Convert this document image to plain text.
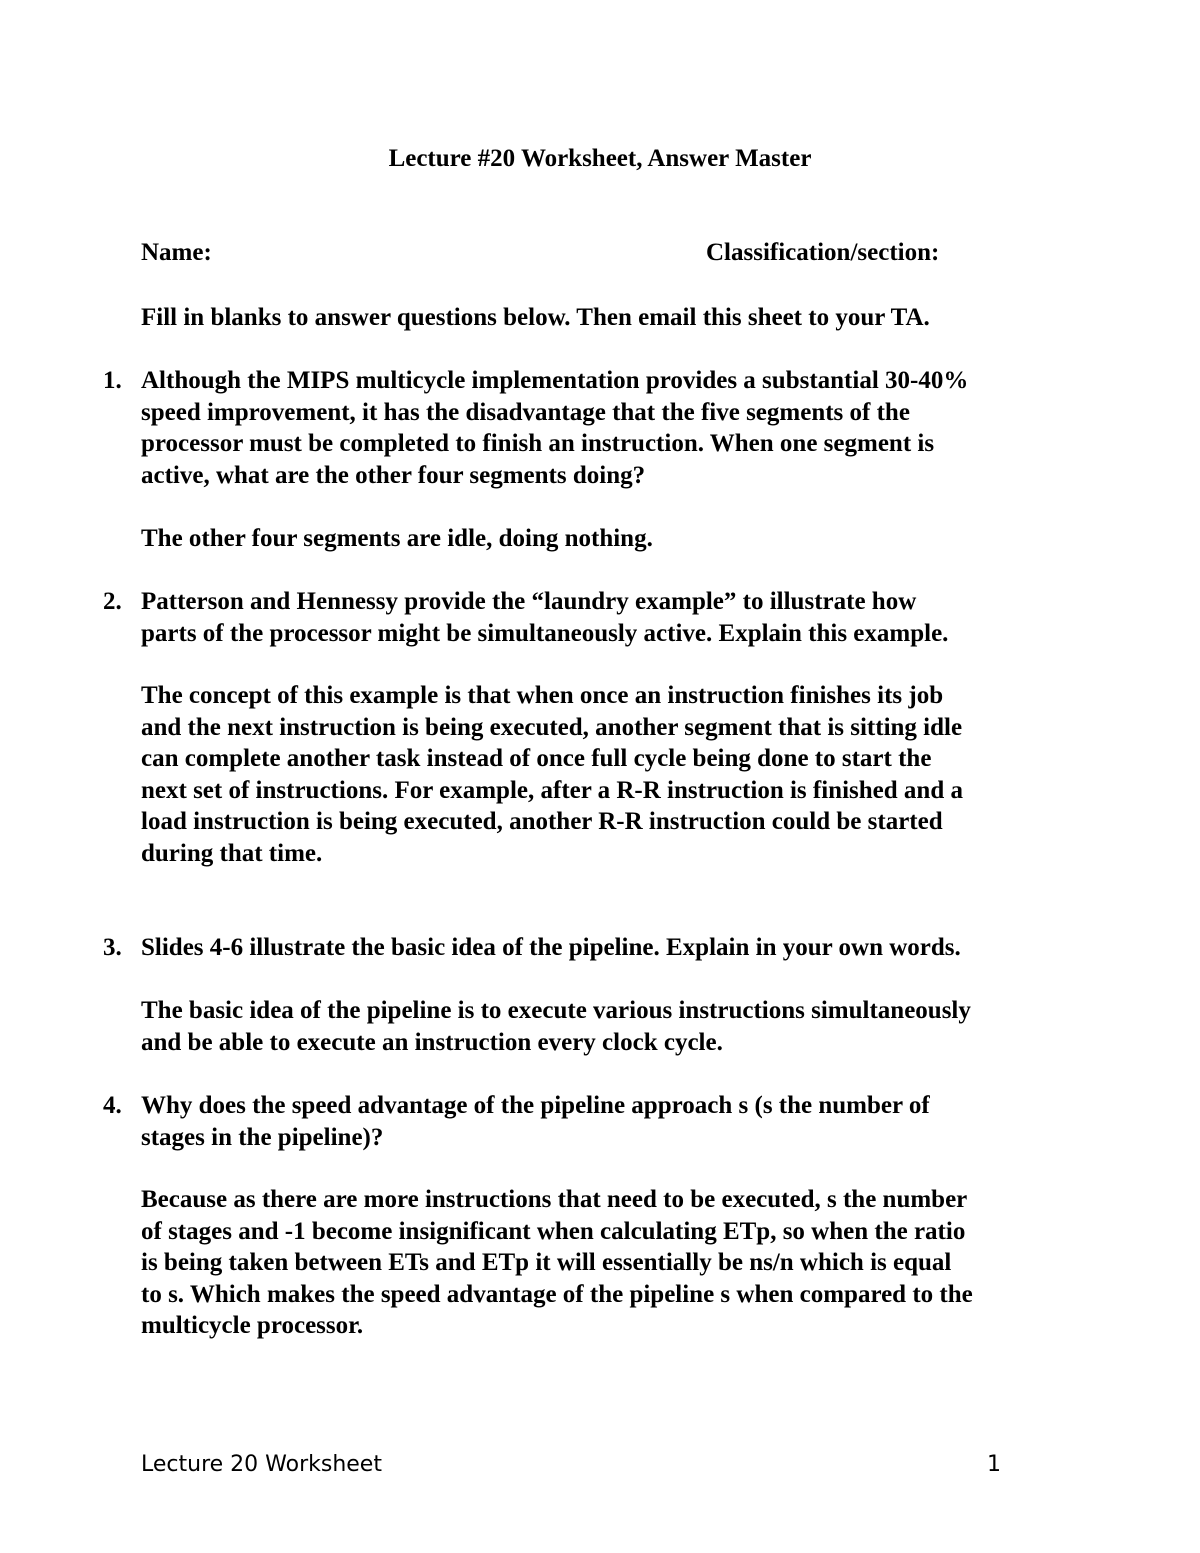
Lecture #20 Worksheet, Answer Master
Name:	Classification/section:
Fill in blanks to answer questions below. Then email this sheet to your TA.
1. Although the MIPS multicycle implementation provides a substantial 30-40%
speed improvement, it has the disadvantage that the five segments of the
processor must be completed to finish an instruction. When one segment is
active, what are the other four segments doing?
The other four segments are idle, doing nothing.
2. Patterson and Hennessy provide the “laundry example” to illustrate how
parts of the processor might be simultaneously active. Explain this example.
The concept of this example is that when once an instruction finishes its job
and the next instruction is being executed, another segment that is sitting idle
can complete another task instead of once full cycle being done to start the
next set of instructions. For example, after a R-R instruction is finished and a
load instruction is being executed, another R-R instruction could be started
during that time.
3. Slides 4-6 illustrate the basic idea of the pipeline. Explain in your own words.
The basic idea of the pipeline is to execute various instructions simultaneously
and be able to execute an instruction every clock cycle.
4. Why does the speed advantage of the pipeline approach s (s the number of
stages in the pipeline)?
Because as there are more instructions that need to be executed, s the number
of stages and -1 become insignificant when calculating ETp, so when the ratio
is being taken between ETs and ETp it will essentially be ns/n which is equal
to s. Which makes the speed advantage of the pipeline s when compared to the
multicycle processor.
Lecture 20 Worksheet	1
